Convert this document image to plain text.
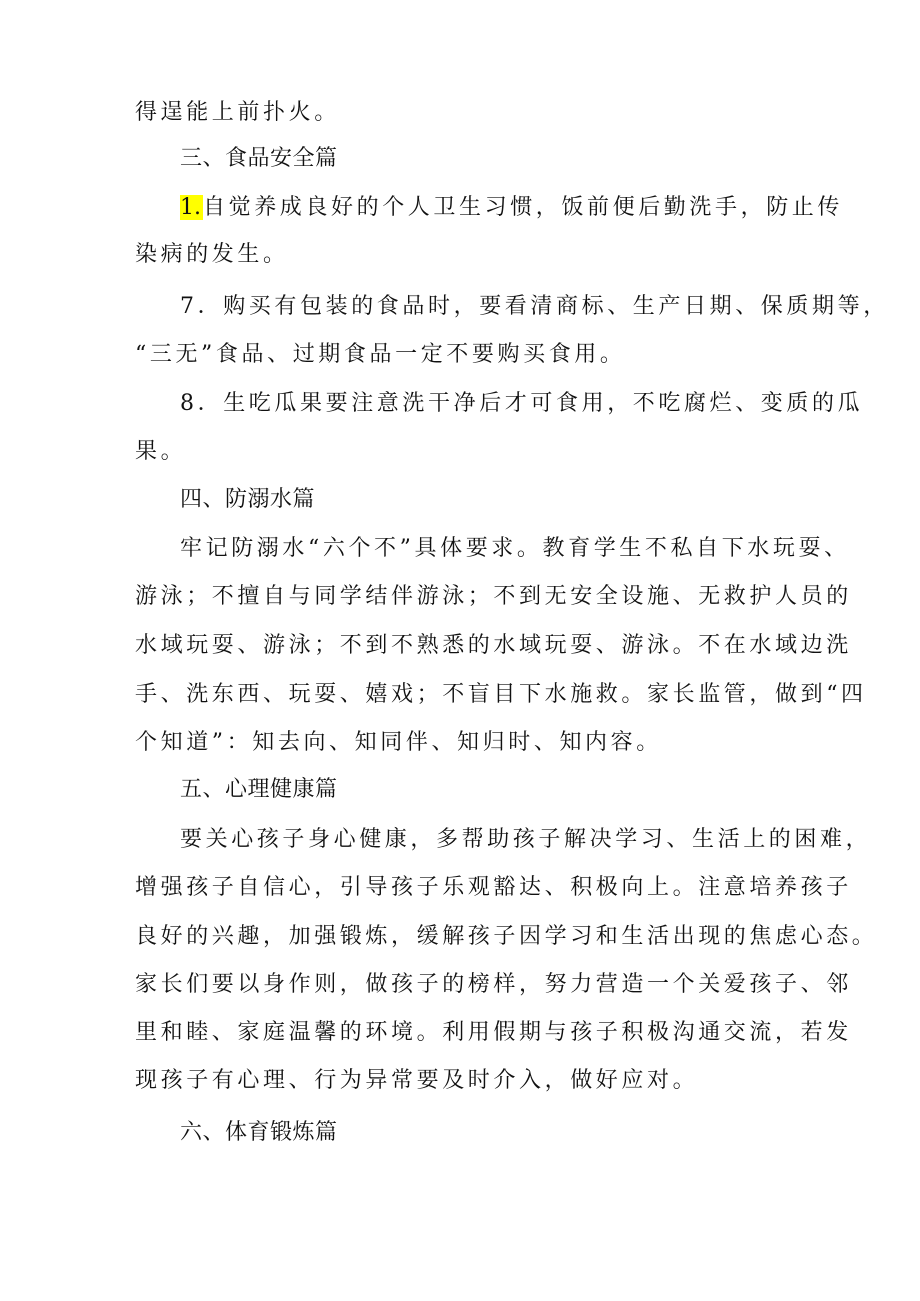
得逞能上前扑火。
三、食品安全篇
1.自觉养成良好的个人卫生习惯，饭前便后勤洗手，防止传
染病的发生。
7．购买有包装的食品时，要看清商标、生产日期、保质期等，
“三无”食品、过期食品一定不要购买食用。
8．生吃瓜果要注意洗干净后才可食用，不吃腐烂、变质的瓜
果。
四、防溺水篇
牢记防溺水“六个不”具体要求。教育学生不私自下水玩耍、
游泳；不擅自与同学结伴游泳；不到无安全设施、无救护人员的
水域玩耍、游泳；不到不熟悉的水域玩耍、游泳。不在水域边洗
手、洗东西、玩耍、嬉戏；不盲目下水施救。家长监管，做到“四
个知道”：知去向、知同伴、知归时、知内容。
五、心理健康篇
要关心孩子身心健康，多帮助孩子解决学习、生活上的困难，
增强孩子自信心，引导孩子乐观豁达、积极向上。注意培养孩子
良好的兴趣，加强锻炼，缓解孩子因学习和生活出现的焦虑心态。
家长们要以身作则，做孩子的榜样，努力营造一个关爱孩子、邻
里和睦、家庭温馨的环境。利用假期与孩子积极沟通交流，若发
现孩子有心理、行为异常要及时介入，做好应对。
六、体育锻炼篇
